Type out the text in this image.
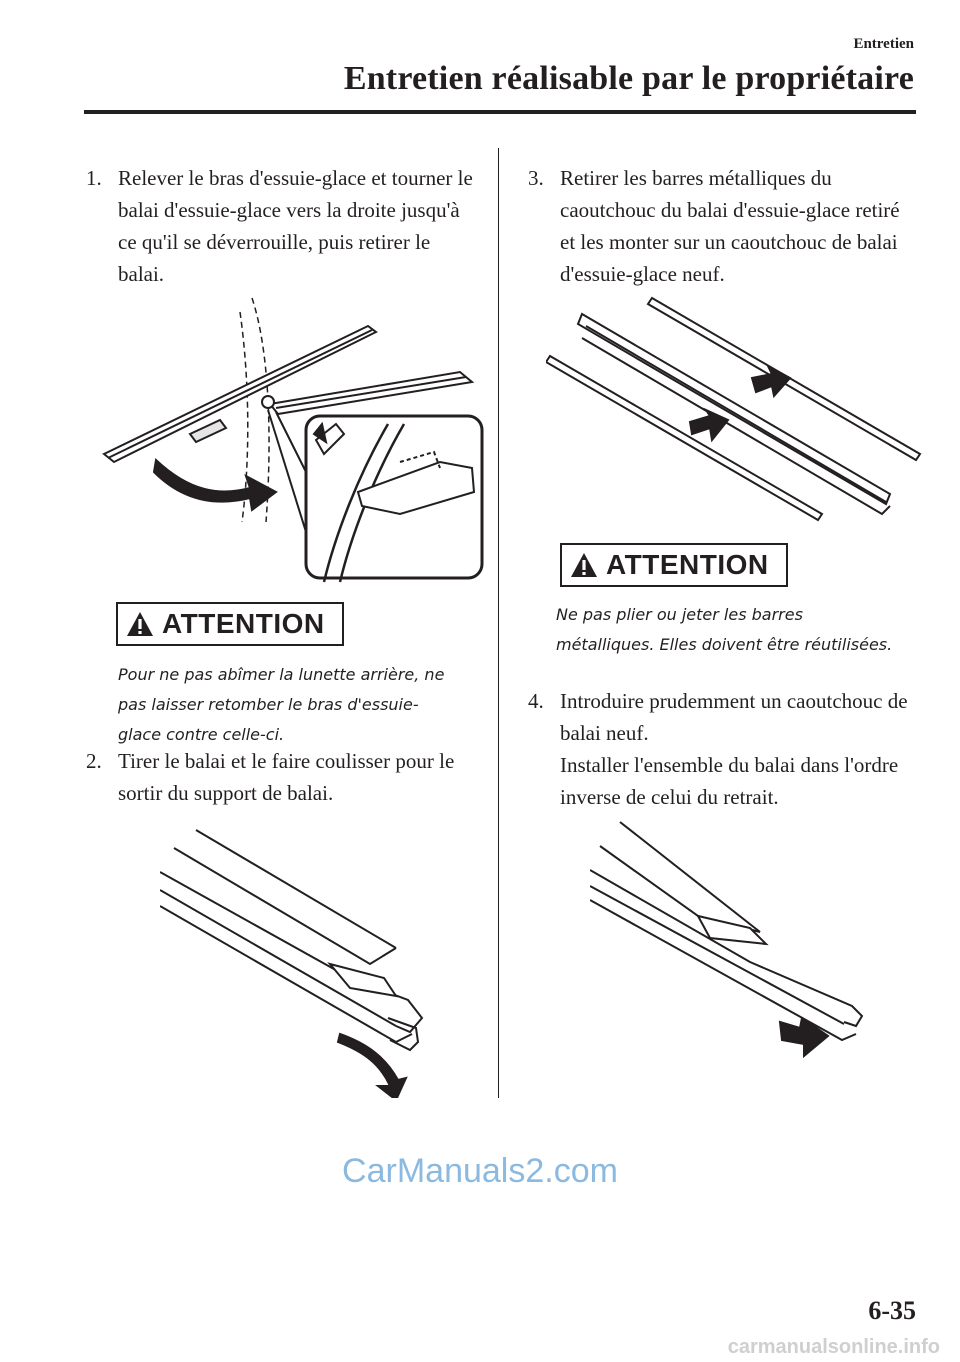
Entretien
Entretien réalisable par le propriétaire
1. Relever le bras d'essuie-glace et tourner le balai d'essuie-glace vers la droite jusqu'à ce qu'il se déverrouille, puis retirer le balai.
ATTENTION
Pour ne pas abîmer la lunette arrière, ne pas laisser retomber le bras d'essuie-glace contre celle-ci.
2. Tirer le balai et le faire coulisser pour le sortir du support de balai.
3. Retirer les barres métalliques du caoutchouc du balai d'essuie-glace retiré et les monter sur un caoutchouc de balai d'essuie-glace neuf.
ATTENTION
Ne pas plier ou jeter les barres métalliques. Elles doivent être réutilisées.
4. Introduire prudemment un caoutchouc de balai neuf.
Installer l'ensemble du balai dans l'ordre inverse de celui du retrait.
CarManuals2.com
6-35
carmanualsonline.info
